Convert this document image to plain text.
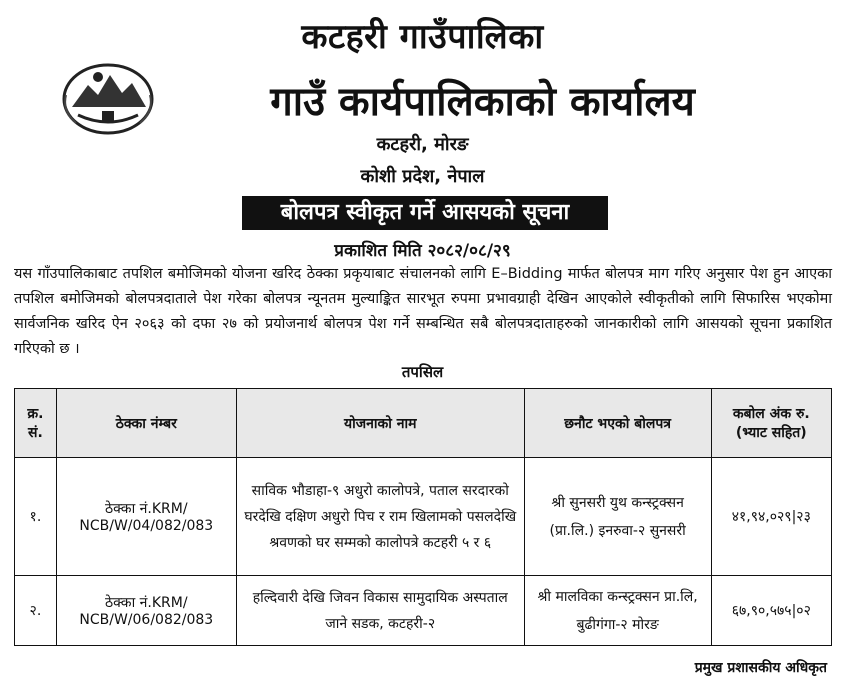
कटहरी गाउँपालिका
गाउँ कार्यपालिकाको कार्यालय
कटहरी, मोरङ
कोशी प्रदेश, नेपाल
बोलपत्र स्वीकृत गर्ने आसयको सूचना
प्रकाशित मिति २०८२/०८/२९
यस गाँउपालिकाबाट तपशिल बमोजिमको योजना खरिद ठेक्का प्रकृयाबाट संचालनको लागि E–Bidding मार्फत बोलपत्र माग गरिए अनुसार पेश हुन आएका तपशिल बमोजिमको बोलपत्रदाताले पेश गरेका बोलपत्र न्यूनतम मुल्याङ्कित सारभूत रुपमा प्रभावग्राही देखिन आएकोले स्वीकृतीको लागि सिफारिस भएकोमा सार्वजनिक खरिद ऐन २०६३ को दफा २७ को प्रयोजनार्थ बोलपत्र पेश गर्ने सम्बन्धित सबै बोलपत्रदाताहरुको जानकारीको लागि आसयको सूचना प्रकाशित गरिएको छ ।
तपसिल
क्र. सं.	ठेक्का नंम्बर	योजनाको नाम	छनौट भएको बोलपत्र	कबोल अंक रु. (भ्याट सहित)
१.	ठेक्का नं.KRM/ NCB/W/04/082/083	साविक भौडाहा-९ अधुरो कालोपत्रे, पताल सरदारको घरदेखि दक्षिण अधुरो पिच र राम खिलामको पसलदेखि श्रवणको घर सम्मको कालोपत्रे कटहरी ५ र ६	श्री सुनसरी युथ कन्स्ट्रक्सन (प्रा.लि.) इनरुवा-२ सुनसरी	४१,९४,०२९|२३
२.	ठेक्का नं.KRM/ NCB/W/06/082/083	हल्दिवारी देखि जिवन विकास सामुदायिक अस्पताल जाने सडक, कटहरी-२	श्री मालविका कन्स्ट्रक्सन प्रा.लि, बुढीगंगा-२ मोरङ	६७,९०,५७५|०२
प्रमुख प्रशासकीय अधिकृत
